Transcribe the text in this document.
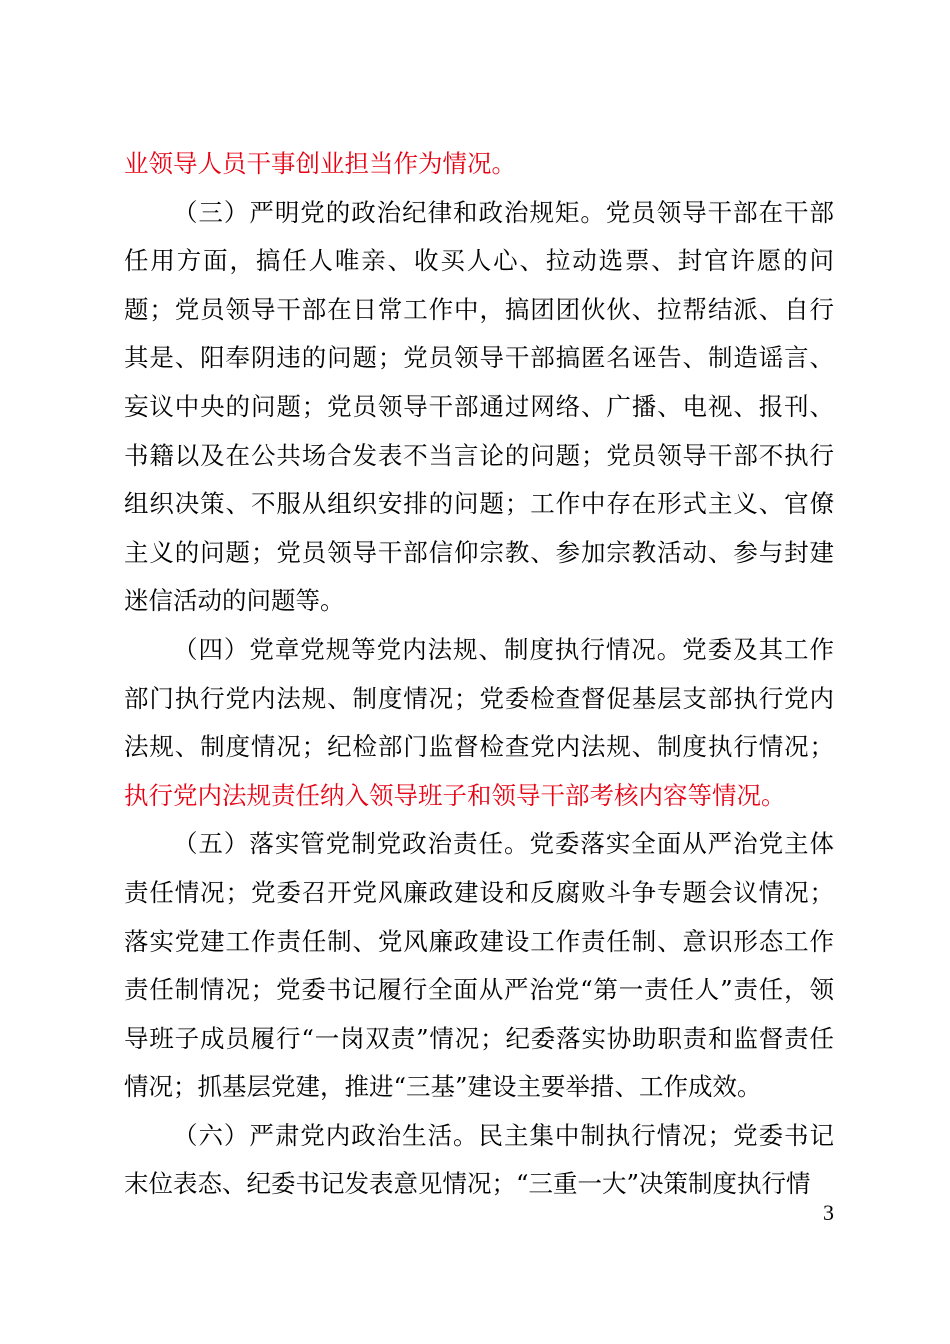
业领导人员干事创业担当作为情况。

（三）严明党的政治纪律和政治规矩。党员领导干部在干部任用方面，搞任人唯亲、收买人心、拉动选票、封官许愿的问题；党员领导干部在日常工作中，搞团团伙伙、拉帮结派、自行其是、阳奉阴违的问题；党员领导干部搞匿名诬告、制造谣言、妄议中央的问题；党员领导干部通过网络、广播、电视、报刊、书籍以及在公共场合发表不当言论的问题；党员领导干部不执行组织决策、不服从组织安排的问题；工作中存在形式主义、官僚主义的问题；党员领导干部信仰宗教、参加宗教活动、参与封建迷信活动的问题等。

（四）党章党规等党内法规、制度执行情况。党委及其工作部门执行党内法规、制度情况；党委检查督促基层支部执行党内法规、制度情况；纪检部门监督检查党内法规、制度执行情况；执行党内法规责任纳入领导班子和领导干部考核内容等情况。

（五）落实管党制党政治责任。党委落实全面从严治党主体责任情况；党委召开党风廉政建设和反腐败斗争专题会议情况；落实党建工作责任制、党风廉政建设工作责任制、意识形态工作责任制情况；党委书记履行全面从严治党“第一责任人”责任，领导班子成员履行“一岗双责”情况；纪委落实协助职责和监督责任情况；抓基层党建，推进“三基”建设主要举措、工作成效。

（六）严肃党内政治生活。民主集中制执行情况；党委书记末位表态、纪委书记发表意见情况；“三重一大”决策制度执行情

3
